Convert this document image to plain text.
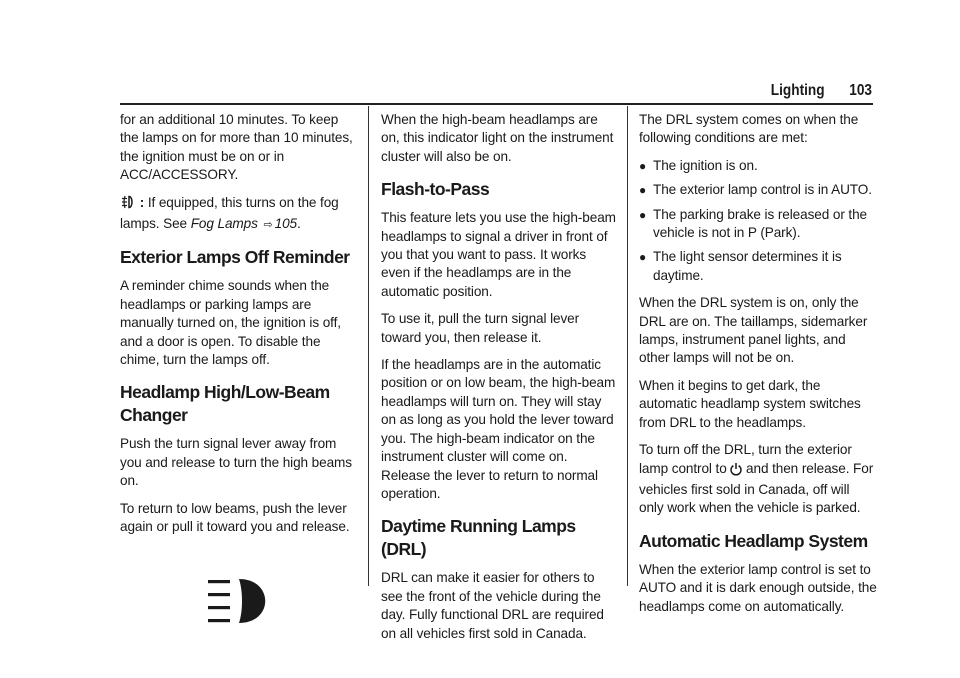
Lighting 103

for an additional 10 minutes. To keep the lamps on for more than 10 minutes, the ignition must be on or in ACC/ACCESSORY.

: If equipped, this turns on the fog lamps. See Fog Lamps ⇨ 105.

Exterior Lamps Off Reminder

A reminder chime sounds when the headlamps or parking lamps are manually turned on, the ignition is off, and a door is open. To disable the chime, turn the lamps off.

Headlamp High/Low-Beam Changer

Push the turn signal lever away from you and release to turn the high beams on.

To return to low beams, push the lever again or pull it toward you and release.

When the high-beam headlamps are on, this indicator light on the instrument cluster will also be on.

Flash-to-Pass

This feature lets you use the high-beam headlamps to signal a driver in front of you that you want to pass. It works even if the headlamps are in the automatic position.

To use it, pull the turn signal lever toward you, then release it.

If the headlamps are in the automatic position or on low beam, the high-beam headlamps will turn on. They will stay on as long as you hold the lever toward you. The high-beam indicator on the instrument cluster will come on. Release the lever to return to normal operation.

Daytime Running Lamps (DRL)

DRL can make it easier for others to see the front of the vehicle during the day. Fully functional DRL are required on all vehicles first sold in Canada.

The DRL system comes on when the following conditions are met:

● The ignition is on.
● The exterior lamp control is in AUTO.
● The parking brake is released or the vehicle is not in P (Park).
● The light sensor determines it is daytime.

When the DRL system is on, only the DRL are on. The taillamps, sidemarker lamps, instrument panel lights, and other lamps will not be on.

When it begins to get dark, the automatic headlamp system switches from DRL to the headlamps.

To turn off the DRL, turn the exterior lamp control to and then release. For vehicles first sold in Canada, off will only work when the vehicle is parked.

Automatic Headlamp System

When the exterior lamp control is set to AUTO and it is dark enough outside, the headlamps come on automatically.
